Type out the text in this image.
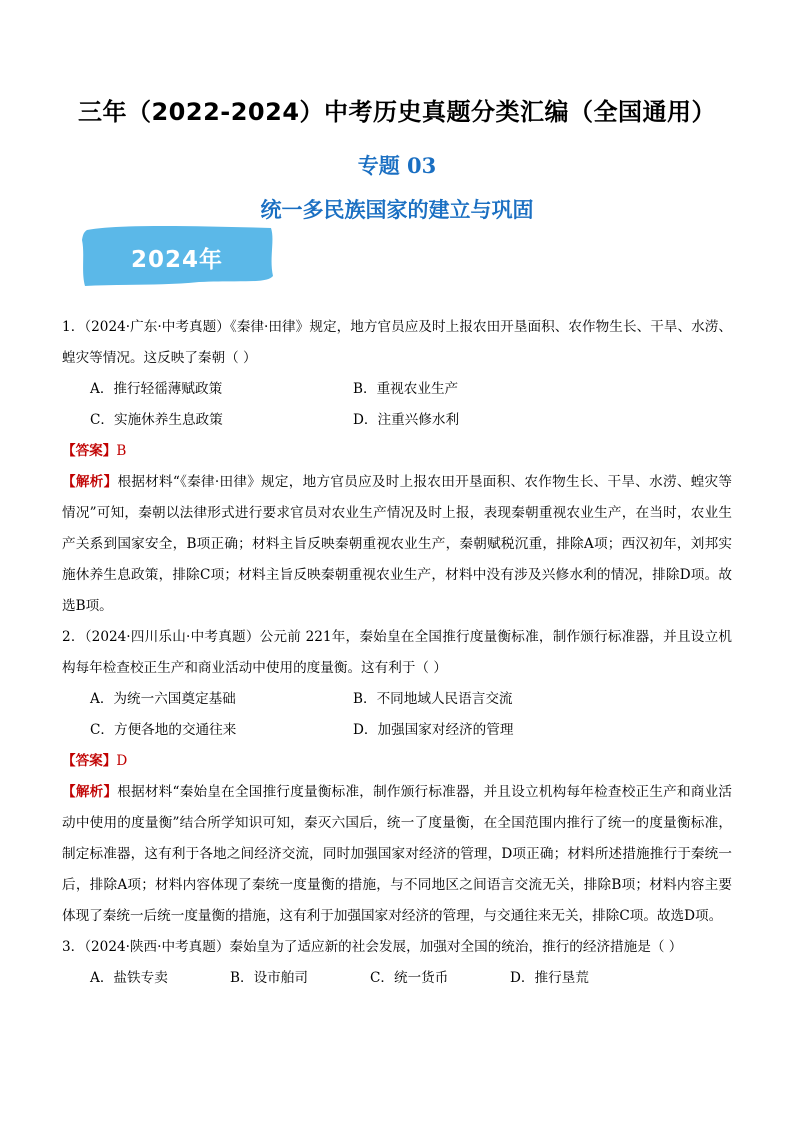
三年（2022-2024）中考历史真题分类汇编（全国通用）
专题 03
统一多民族国家的建立与巩固
2024年

1．（2024·广东·中考真题）《秦律·田律》规定，地方官员应及时上报农田开垦面积、农作物生长、干旱、水涝、蝗灾等情况。这反映了秦朝（ ）

A．推行轻徭薄赋政策	B．重视农业生产
C．实施休养生息政策	D．注重兴修水利
【答案】B

【解析】根据材料“《秦律·田律》规定，地方官员应及时上报农田开垦面积、农作物生长、干旱、水涝、蝗灾等情况”可知，秦朝以法律形式进行要求官员对农业生产情况及时上报，表现秦朝重视农业生产，在当时，农业生产关系到国家安全，B项正确；材料主旨反映秦朝重视农业生产，秦朝赋税沉重，排除A项；西汉初年，刘邦实施休养生息政策，排除C项；材料主旨反映秦朝重视农业生产，材料中没有涉及兴修水利的情况，排除D项。故选B项。

2．（2024·四川乐山·中考真题）公元前 221年，秦始皇在全国推行度量衡标准，制作颁行标准器，并且设立机构每年检查校正生产和商业活动中使用的度量衡。这有利于（ ）

A．为统一六国奠定基础	B．不同地域人民语言交流
C．方便各地的交通往来	D．加强国家对经济的管理
【答案】D

【解析】根据材料“秦始皇在全国推行度量衡标准，制作颁行标准器，并且设立机构每年检查校正生产和商业活动中使用的度量衡”结合所学知识可知，秦灭六国后，统一了度量衡，在全国范围内推行了统一的度量衡标准，制定标准器，这有利于各地之间经济交流，同时加强国家对经济的管理，D项正确；材料所述措施推行于秦统一后，排除A项；材料内容体现了秦统一度量衡的措施，与不同地区之间语言交流无关，排除B项；材料内容主要体现了秦统一后统一度量衡的措施，这有利于加强国家对经济的管理，与交通往来无关，排除C项。故选D项。

3．（2024·陕西·中考真题）秦始皇为了适应新的社会发展，加强对全国的统治，推行的经济措施是（ ）

A．盐铁专卖	B．设市舶司	C．统一货币	D．推行垦荒
